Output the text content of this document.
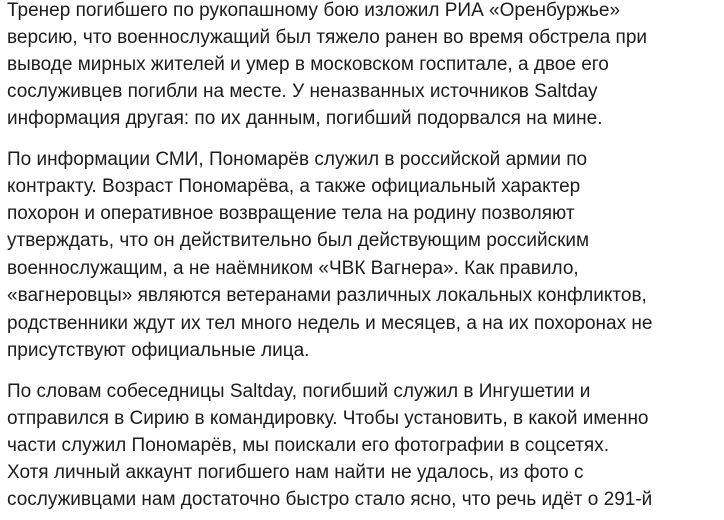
Тренер погибшего по рукопашному бою изложил РИА «Оренбуржье»
версию, что военнослужащий был тяжело ранен во время обстрела при
выводе мирных жителей и умер в московском госпитале, а двое его
сослуживцев погибли на месте. У неназванных источников Saltday
информация другая: по их данным, погибший подорвался на мине.
По информации СМИ, Пономарёв служил в российской армии по
контракту. Возраст Пономарёва, а также официальный характер
похорон и оперативное возвращение тела на родину позволяют
утверждать, что он действительно был действующим российским
военнослужащим, а не наёмником «ЧВК Вагнера». Как правило,
«вагнеровцы» являются ветеранами различных локальных конфликтов,
родственники ждут их тел много недель и месяцев, а на их похоронах не
присутствуют официальные лица.
По словам собеседницы Saltday, погибший служил в Ингушетии и
отправился в Сирию в командировку. Чтобы установить, в какой именно
части служил Пономарёв, мы поискали его фотографии в соцсетях.
Хотя личный аккаунт погибшего нам найти не удалось, из фото с
сослуживцами нам достаточно быстро стало ясно, что речь идёт о 291-й
